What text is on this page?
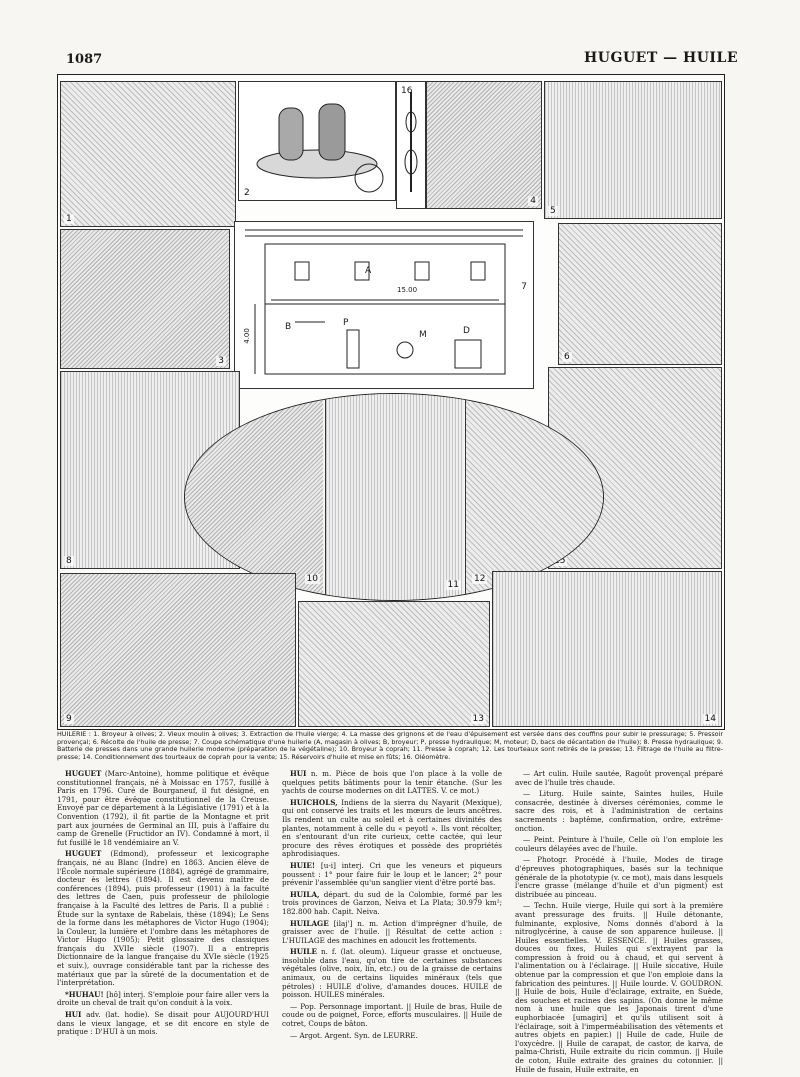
1087	HUGUET — HUILE
1
2
16
4
5
3
A
15.00
4.00
B	P
M	D
7
6
8
10
11
12
9	13	14
HUILERIE : 1. Broyeur à olives; 2. Vieux moulin à olives; 3. Extraction de l'huile vierge; 4. La masse des grignons et de l'eau d'épuisement est versée dans des couffins pour subir le pressurage; 5. Pressoir provençal; 6. Récolte de l'huile de presse; 7. Coupe schématique d'une huilerie (A, magasin à olives; B, broyeur; P, presse hydraulique; M, moteur; D, bacs de décantation de l'huile); 8. Presse hydraulique; 9. Batterie de presses dans une grande huilerie moderne (préparation de la végétaline); 10. Broyeur à coprah; 11. Presse à coprah; 12. Les tourteaux sont retirés de la presse; 13. Filtrage de l'huile au filtre-presse; 14. Conditionnement des tourteaux de coprah pour la vente; 15. Réservoirs d'huile et mise en fûts; 16. Oléomètre.

HUGUET (Marc-Antoine), homme politique et évêque constitutionnel français, né à Moissac en 1757, fusillé à Paris en 1796. Curé de Bourganeuf, il fut désigné, en 1791, pour être évêque constitutionnel de la Creuse. Envoyé par ce département à la Législative (1791) et à la Convention (1792), il fit partie de la Montagne et prit part aux journées de Germinal an III, puis à l'affaire du camp de Grenelle (Fructidor an IV). Condamné à mort, il fut fusillé le 18 vendémiaire an V.

HUGUET (Edmond), professeur et lexicographe français, né au Blanc (Indre) en 1863. Ancien élève de l'École normale supérieure (1884), agrégé de grammaire, docteur ès lettres (1894). Il est devenu maître de conférences (1894), puis professeur (1901) à la faculté des lettres de Caen, puis professeur de philologie française à la Faculté des lettres de Paris. Il a publié : Étude sur la syntaxe de Rabelais, thèse (1894); Le Sens de la forme dans les métaphores de Victor Hugo (1904); la Couleur, la lumière et l'ombre dans les métaphores de Victor Hugo (1905); Petit glossaire des classiques français du XVIIe siècle (1907). Il a entrepris Dictionnaire de la langue française du XVIe siècle (1925 et suiv.), ouvrage considérable tant par la richesse des matériaux que par la sûreté de la documentation et de l'interprétation.

*HUHAU! [hô] interj. S'emploie pour faire aller vers la droite un cheval de trait qu'on conduit à la voix.

HUI adv. (lat. hodie). Se disait pour AUJOURD'HUI dans le vieux langage, et se dit encore en style de pratique : D'HUI à un mois.

HUI n. m. Pièce de bois que l'on place à la volle de quelques petits bâtiments pour la tenir étanche. (Sur les yachts de course modernes on dit LATTES. V. ce mot.)

HUICHOLS, Indiens de la sierra du Nayarit (Mexique), qui ont conservé les traits et les mœurs de leurs ancêtres. Ils rendent un culte au soleil et à certaines divinités des plantes, notamment à celle du « peyotl ». Ils vont récolter, en s'entourant d'un rite curieux, cette cactée, qui leur procure des rêves érotiques et possède des propriétés aphrodisiaques.

HUIE! [u-i] interj. Cri que les veneurs et piqueurs poussent : 1° pour faire fuir le loup et le lancer; 2° pour prévenir l'assemblée qu'un sanglier vient d'être porté bas.

HUILA, départ. du sud de la Colombie, formé par les trois provinces de Garzon, Neiva et La Plata; 30.979 km²; 182.800 hab. Capit. Neiva.

HUILAGE [ilaj'] n. m. Action d'imprégner d'huile, de graisser avec de l'huile. || Résultat de cette action : L'HUILAGE des machines en adoucit les frottements.

HUILE n. f. (lat. oleum). Liqueur grasse et onctueuse, insoluble dans l'eau, qu'on tire de certaines substances végétales (olive, noix, lin, etc.) ou de la graisse de certains animaux, ou de certains liquides minéraux (tels que pétroles) : HUILE d'olive, d'amandes douces. HUILE de poisson. HUILES minérales.

— Pop. Personnage important. || Huile de bras, Huile de coude ou de poignet, Force, efforts musculaires. || Huile de cotret, Coups de bâton.

— Argot. Argent. Syn. de LEURRE.

— Art culin. Huile sautée, Ragoût provençal préparé avec de l'huile très chaude.

— Liturg. Huile sainte, Saintes huiles, Huile consacrée, destinée à diverses cérémonies, comme le sacre des rois, et à l'administration de certains sacrements : baptême, confirmation, ordre, extrême-onction.

— Peint. Peinture à l'huile, Celle où l'on emploie les couleurs délayées avec de l'huile.

— Photogr. Procédé à l'huile, Modes de tirage d'épreuves photographiques, basés sur la technique générale de la phototypie (v. ce mot), mais dans lesquels l'encre grasse (mélange d'huile et d'un pigment) est distribuée au pinceau.

— Techn. Huile vierge, Huile qui sort à la première avant pressurage des fruits. || Huile détonante, fulminante, explosive, Noms donnés d'abord à la nitroglycérine, à cause de son apparence huileuse. || Huiles essentielles. V. ESSENCE. || Huiles grasses, douces ou fixes, Huiles qui s'extrayent par la compression à froid ou à chaud, et qui servent à l'alimentation ou à l'éclairage. || Huile siccative, Huile obtenue par la compression et que l'on emploie dans la fabrication des peintures. || Huile lourde. V. GOUDRON. || Huile de bois, Huile d'éclairage, extraite, en Suède, des souches et racines des sapins. (On donne le même nom à une huile que les Japonais tirent d'une euphorbiacée [umagiri] et qu'ils utilisent soit à l'éclairage, soit à l'imperméabilisation des vêtements et autres objets en papier.) || Huile de cade, Huile de l'oxycèdre. || Huile de carapat, de castor, de karva, de palma-Christi, Huile extraite du ricin commun. || Huile de coton, Huile extraite des graines du cotonnier. || Huile de fusain, Huile extraite, en
